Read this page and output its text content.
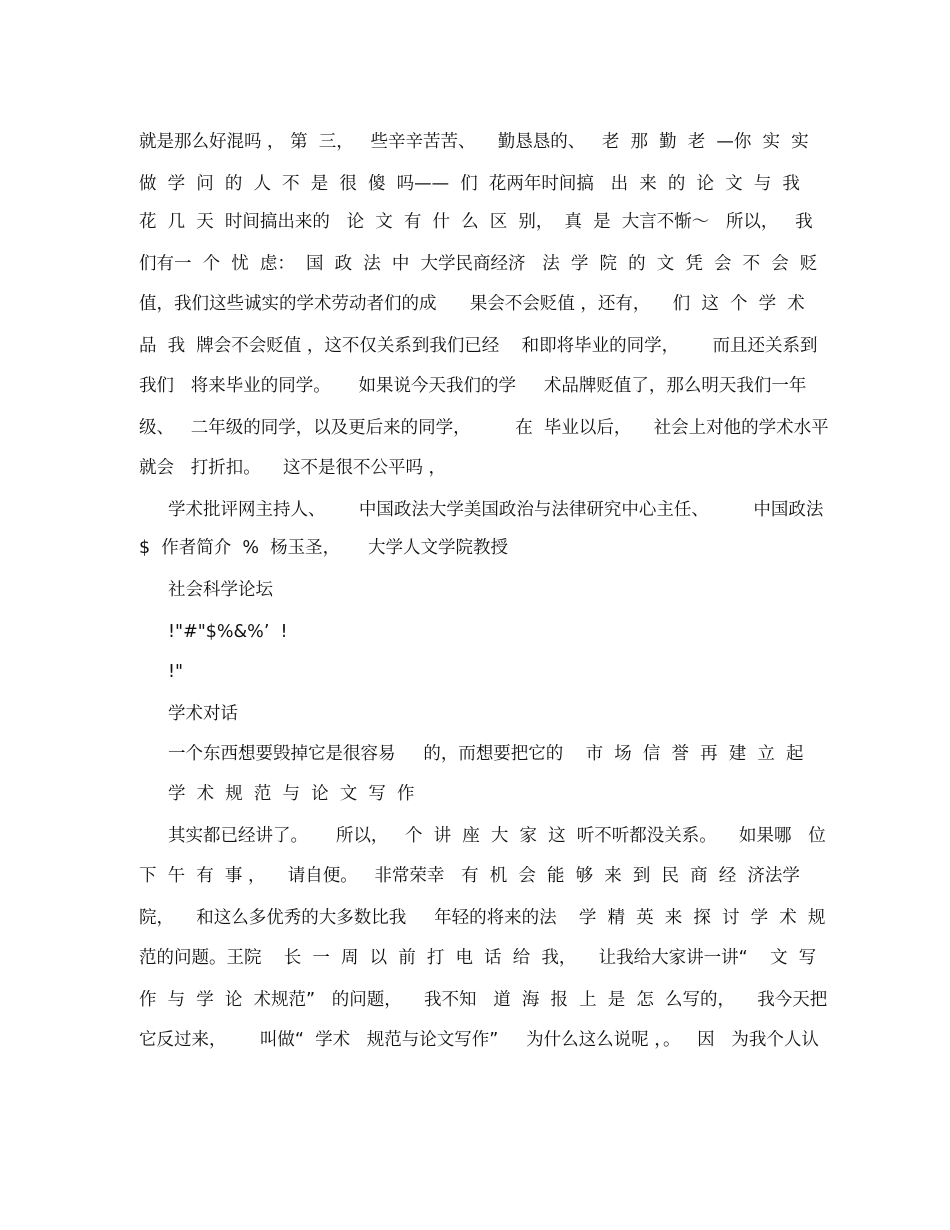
就是那么好混吗 ， 第  三，   些辛辛苦苦、    勤恳恳的、   老  那  勤  老  —你  实  实
做  学  问  的  人  不  是  很  傻  吗——  们  花两年时间搞   出  来  的  论  文  与  我
花  几  天  时间搞出来的   论  文  有  什  么  区  别，  真  是  大言不惭～   所以，   我
们有一  个  忧  虑：  国  政  法  中  大学民商经济   法  学  院  的  文  凭  会  不  会  贬
值，我们这些诚实的学术劳动者们的成      果会不会贬值 ，还有，    们  这  个  学  术
品  我  牌会不会贬值 ，这不仅关系到我们已经    和即将毕业的同学，      而且还关系到
我们   将来毕业的同学。     如果说今天我们的学     术品牌贬值了，那么明天我们一年
级、   二年级的同学，以及更后来的同学，        在  毕业以后，    社会上对他的学术水平
就会   打折扣。    这不是很不公平吗 ，
学术批评网主持人、      中国政法大学美国政治与法律研究中心主任、        中国政法
$  作者简介  %  杨玉圣，     大学人文学院教授
社会科学论坛
!"#"$%&%’  !
!"
学术对话
一个东西想要毁掉它是很容易     的，而想要把它的    市  场  信  誉  再  建  立  起
学  术  规  范  与  论  文  写  作
其实都已经讲了。     所以，   个  讲  座  大  家  这  听不听都没关系。    如果哪   位
下  午  有  事 ，    请自便。   非常荣幸   有  机  会  能  够  来  到  民  商  经  济法学
院，    和这么多优秀的大多数比我     年轻的将来的法    学  精  英  来  探  讨  学  术  规
范的问题。王院    长  一  周  以  前  打  电  话  给  我，    让我给大家讲一讲“    文  写
作  与  学  论  术规范”   的问题，    我不知   道  海  报  上  是  怎  么写的，    我今天把
它反过来，      叫做“  学术   规范与论文写作”     为什么这么说呢 ，。   因   为我个人认
